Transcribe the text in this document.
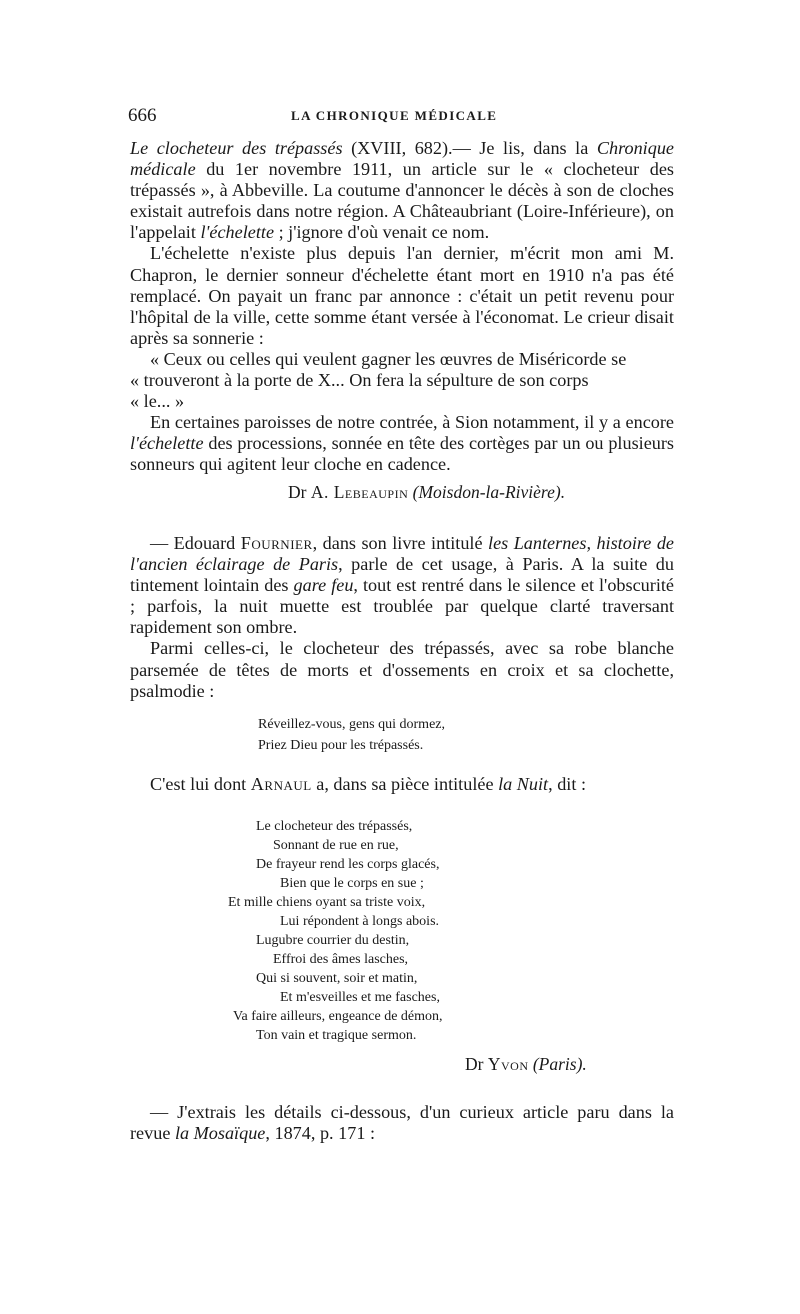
666	LA CHRONIQUE MÉDICALE

Le clocheteur des trépassés (XVIII, 682).— Je lis, dans la Chronique médicale du 1er novembre 1911, un article sur le « clocheteur des trépassés », à Abbeville. La coutume d'annoncer le décès à son de cloches existait autrefois dans notre région. A Châteaubriant (Loire-Inférieure), on l'appelait l'échelette ; j'ignore d'où venait ce nom.

L'échelette n'existe plus depuis l'an dernier, m'écrit mon ami M. Chapron, le dernier sonneur d'échelette étant mort en 1910 n'a pas été remplacé. On payait un franc par annonce : c'était un petit revenu pour l'hôpital de la ville, cette somme étant versée à l'économat. Le crieur disait après sa sonnerie :

« Ceux ou celles qui veulent gagner les œuvres de Miséricorde se

« trouveront à la porte de X... On fera la sépulture de son corps

« le... »

En certaines paroisses de notre contrée, à Sion notamment, il y a encore l'échelette des processions, sonnée en tête des cortèges par un ou plusieurs sonneurs qui agitent leur cloche en cadence.

Dr A. Lebeaupin (Moisdon-la-Rivière).

— Edouard Fournier, dans son livre intitulé les Lanternes, histoire de l'ancien éclairage de Paris, parle de cet usage, à Paris. A la suite du tintement lointain des gare feu, tout est rentré dans le silence et l'obscurité ; parfois, la nuit muette est troublée par quelque clarté traversant rapidement son ombre.

Parmi celles-ci, le clocheteur des trépassés, avec sa robe blanche parsemée de têtes de morts et d'ossements en croix et sa clochette, psalmodie :

Réveillez-vous, gens qui dormez,
Priez Dieu pour les trépassés.

C'est lui dont Arnaul a, dans sa pièce intitulée la Nuit, dit :

Le clocheteur des trépassés,
Sonnant de rue en rue,
De frayeur rend les corps glacés,
Bien que le corps en sue ;
Et mille chiens oyant sa triste voix,
Lui répondent à longs abois.
Lugubre courrier du destin,
Effroi des âmes lasches,
Qui si souvent, soir et matin,
Et m'esveilles et me fasches,
Va faire ailleurs, engeance de démon,
Ton vain et tragique sermon.
Dr Yvon (Paris).

— J'extrais les détails ci-dessous, d'un curieux article paru dans la revue la Mosaïque, 1874, p. 171 :
